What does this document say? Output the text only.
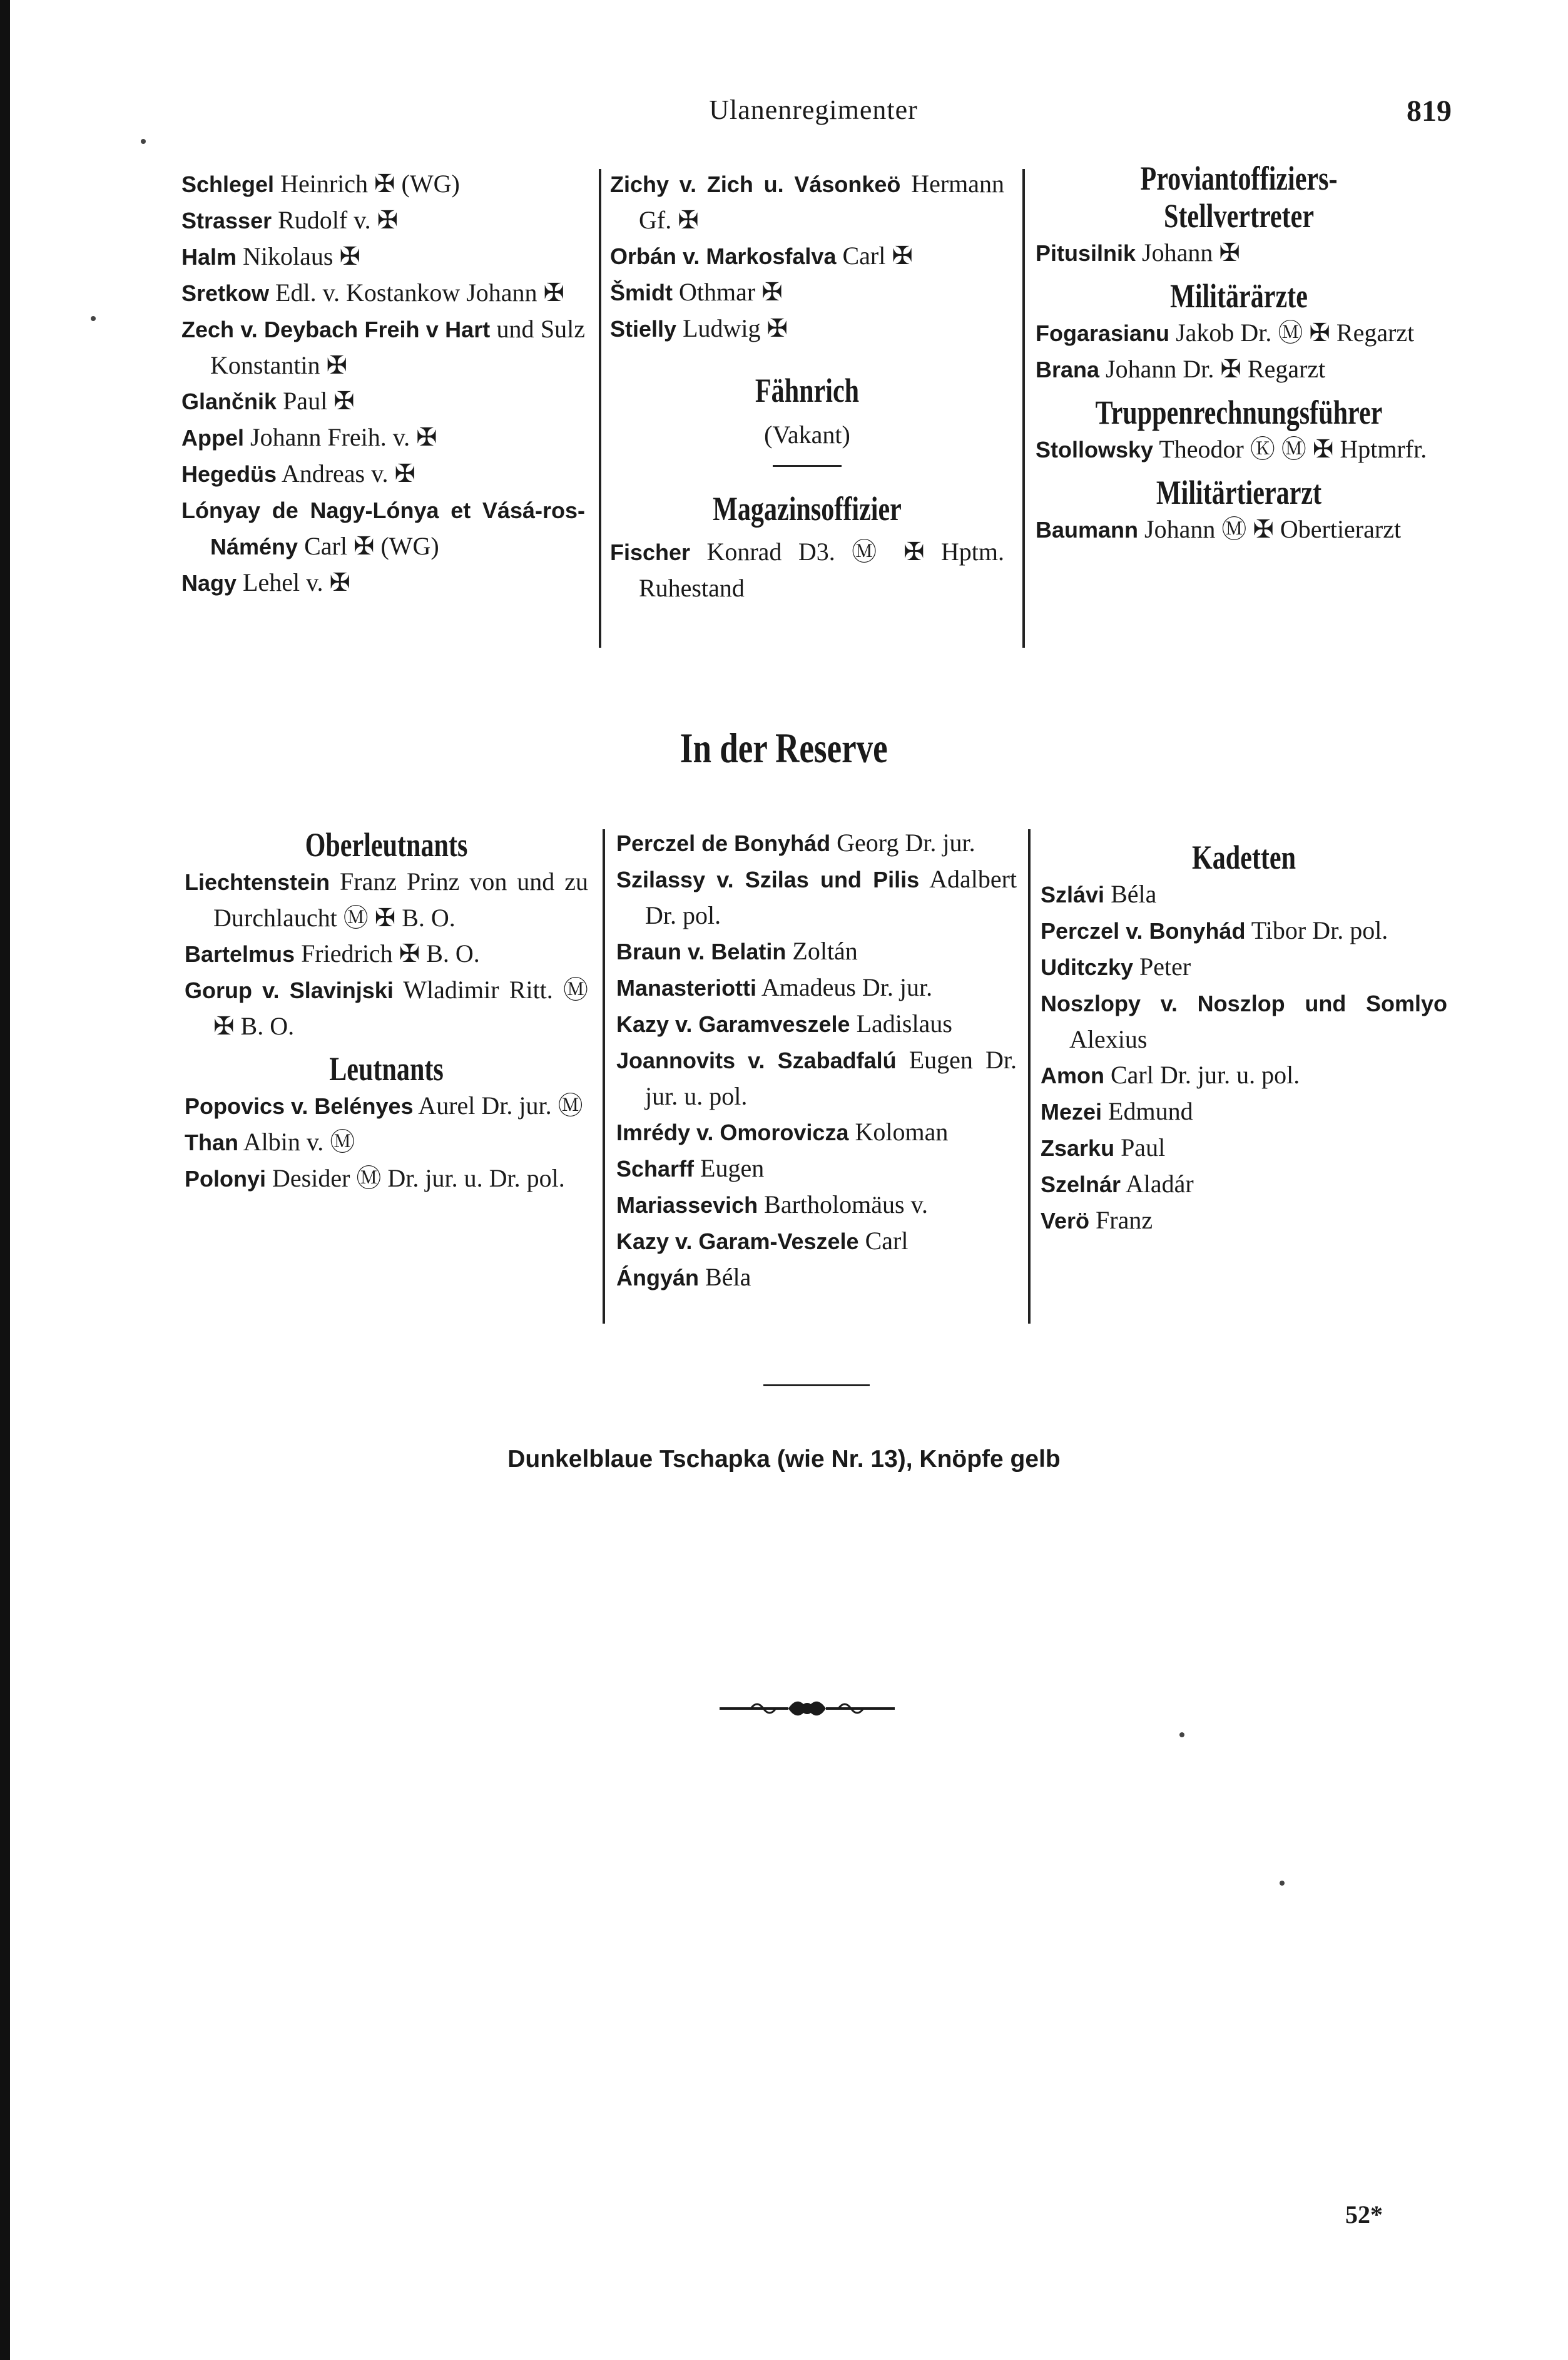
Ulanenregimenter	819
Schlegel Heinrich ✠ (WG)
Strasser Rudolf v. ✠
Halm Nikolaus ✠
Sretkow Edl. v. Kostankow Johann ✠
Zech v. Deybach Freih v Hart und Sulz Konstantin ✠
Glančnik Paul ✠
Appel Johann Freih. v. ✠
Hegedüs Andreas v. ✠
Lónyay de Nagy-Lónya et Vásá-ros-Námény Carl ✠ (WG)
Nagy Lehel v. ✠
Zichy v. Zich u. Vásonkeö Hermann Gf. ✠
Orbán v. Markosfalva Carl ✠
Šmidt Othmar ✠
Stielly Ludwig ✠
Fähnrich
(Vakant)
Magazinsoffizier
Fischer Konrad D3. Ⓜ ✠ Hptm. Ruhestand
Proviantoffiziers-Stellvertreter
Pitusilnik Johann ✠
Militärärzte
Fogarasianu Jakob Dr. Ⓜ ✠ Regarzt
Brana Johann Dr. ✠ Regarzt
Truppenrechnungsführer
Stollowsky Theodor Ⓚ Ⓜ ✠ Hptmrfr.
Militärtierarzt
Baumann Johann Ⓜ ✠ Obertierarzt
In der Reserve
Oberleutnants
Liechtenstein Franz Prinz von und zu Durchlaucht Ⓜ ✠ B. O.
Bartelmus Friedrich ✠ B. O.
Gorup v. Slavinjski Wladimir Ritt. Ⓜ ✠ B. O.
Leutnants
Popovics v. Belényes Aurel Dr. jur. Ⓜ
Than Albin v. Ⓜ
Polonyi Desider Ⓜ Dr. jur. u. Dr. pol.
Perczel de Bonyhád Georg Dr. jur.
Szilassy v. Szilas und Pilis Adalbert Dr. pol.
Braun v. Belatin Zoltán
Manasteriotti Amadeus Dr. jur.
Kazy v. Garamveszele Ladislaus
Joannovits v. Szabadfalú Eugen Dr. jur. u. pol.
Imrédy v. Omorovicza Koloman
Scharff Eugen
Mariassevich Bartholomäus v.
Kazy v. Garam-Veszele Carl
Ángyán Béla
Kadetten
Szlávi Béla
Perczel v. Bonyhád Tibor Dr. pol.
Uditczky Peter
Noszlopy v. Noszlop und Somlyo Alexius
Amon Carl Dr. jur. u. pol.
Mezei Edmund
Zsarku Paul
Szelnár Aladár
Verö Franz
Dunkelblaue Tschapka (wie Nr. 13), Knöpfe gelb
52*
